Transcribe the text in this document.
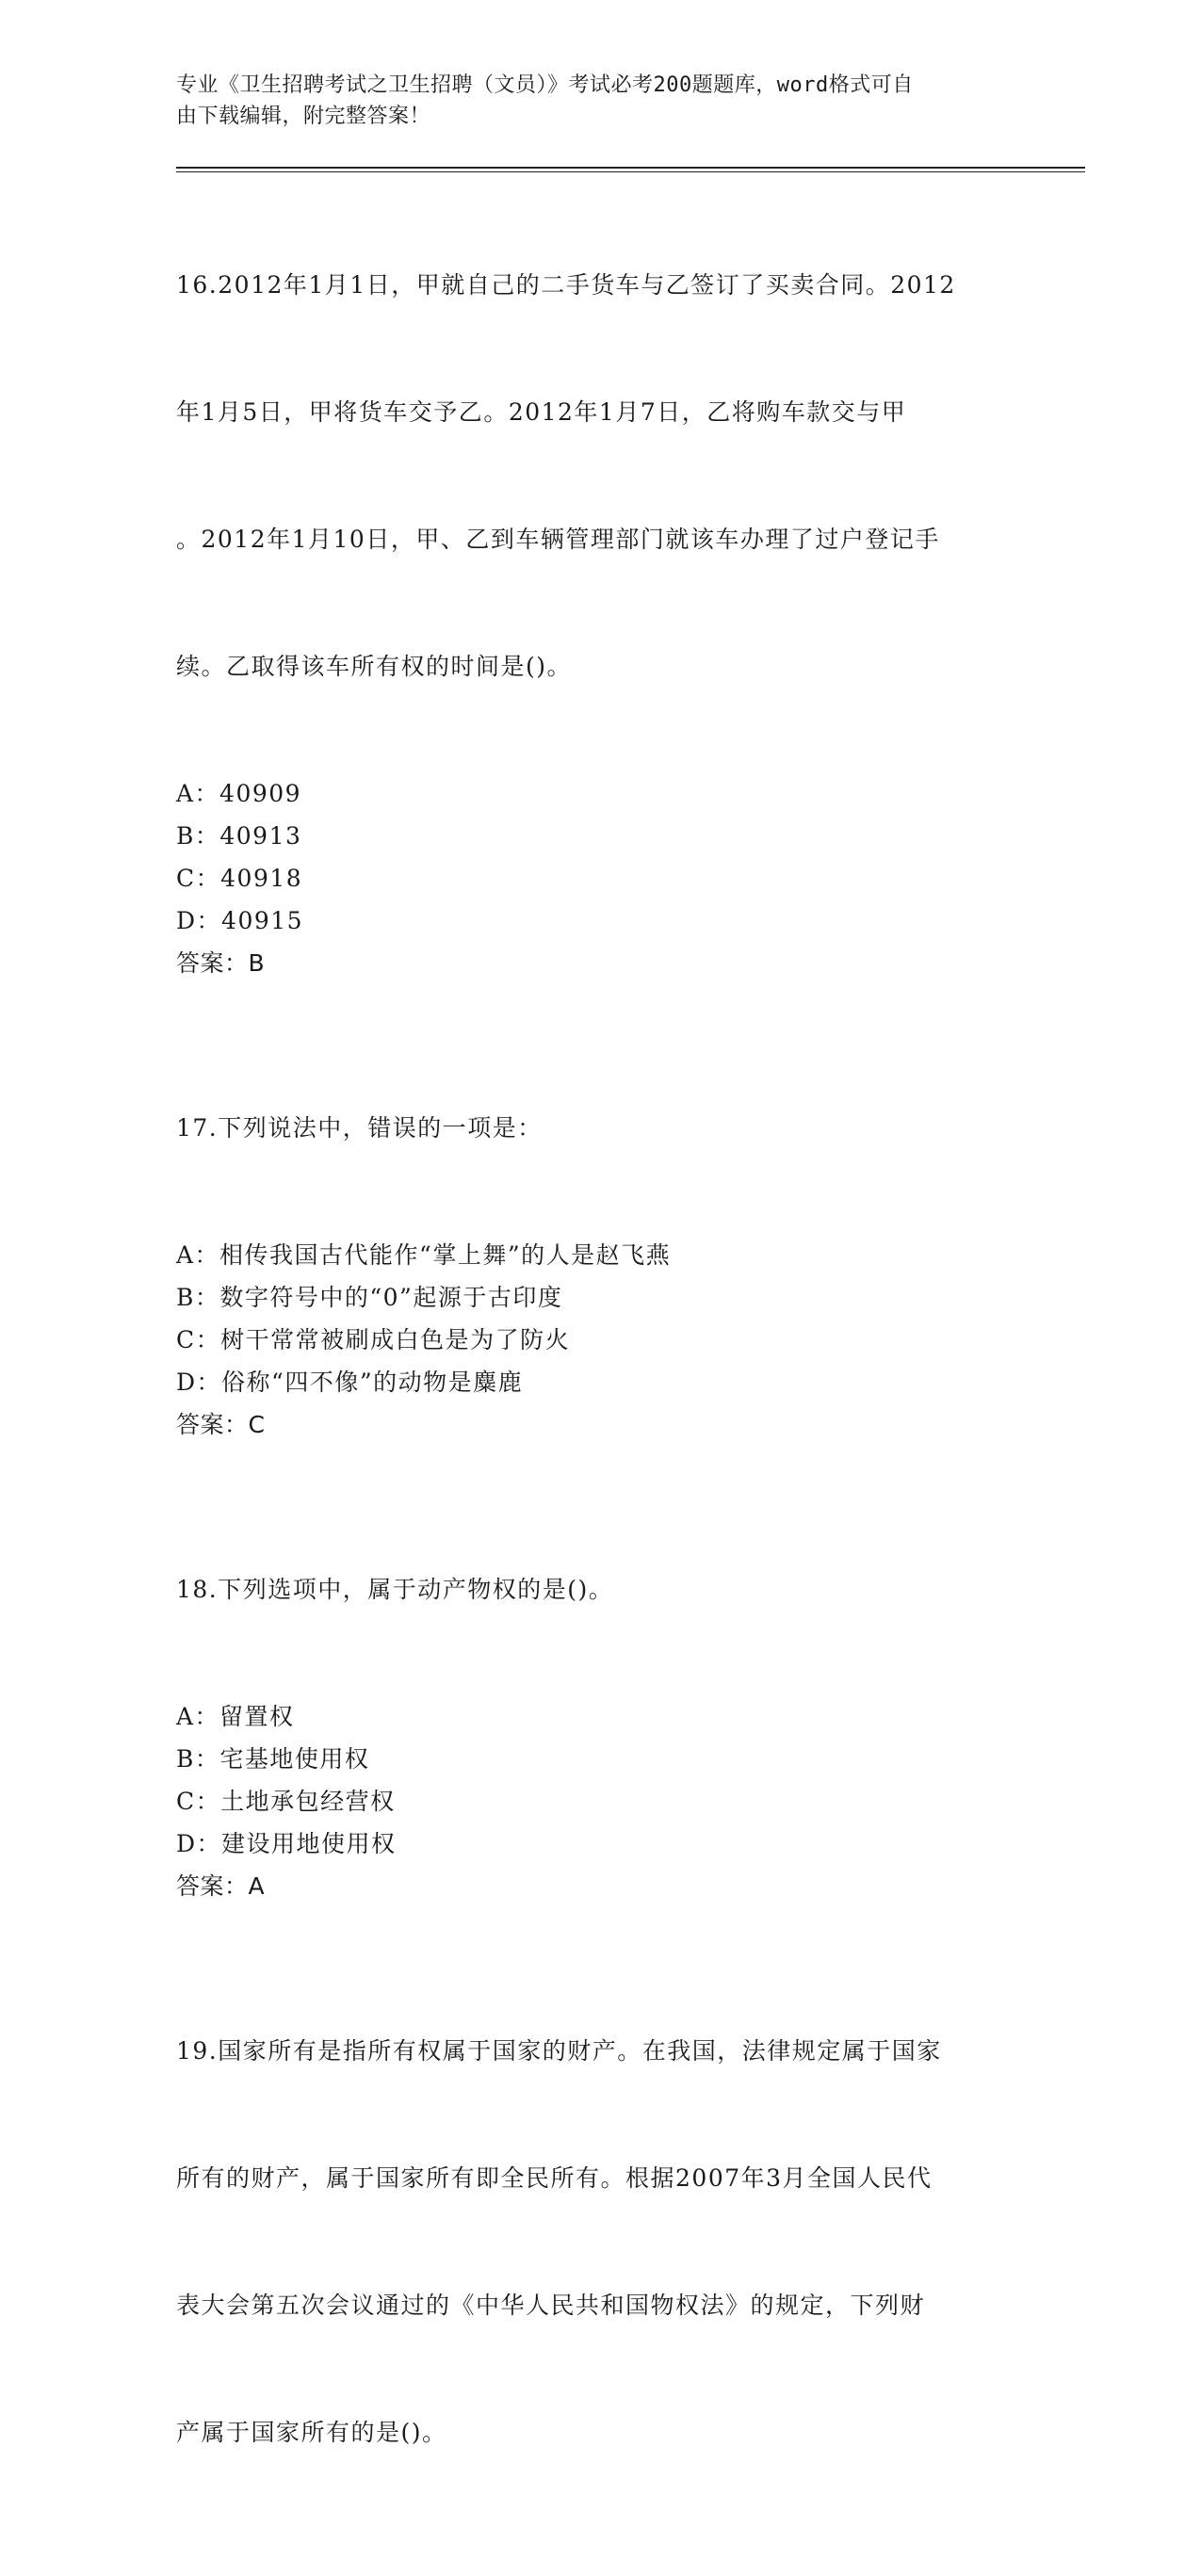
专业《卫生招聘考试之卫生招聘（文员）》考试必考200题题库，word格式可自
由下载编辑，附完整答案！

16.2012年1月1日，甲就自己的二手货车与乙签订了买卖合同。2012

年1月5日，甲将货车交予乙。2012年1月7日，乙将购车款交与甲

。2012年1月10日，甲、乙到车辆管理部门就该车办理了过户登记手

续。乙取得该车所有权的时间是()。

A：40909
B：40913
C：40918
D：40915
答案：B

17.下列说法中，错误的一项是：

A：相传我国古代能作“掌上舞”的人是赵飞燕
B：数字符号中的“0”起源于古印度
C：树干常常被刷成白色是为了防火
D：俗称“四不像”的动物是麋鹿
答案：C

18.下列选项中，属于动产物权的是()。

A：留置权
B：宅基地使用权
C：土地承包经营权
D：建设用地使用权
答案：A

19.国家所有是指所有权属于国家的财产。在我国，法律规定属于国家

所有的财产，属于国家所有即全民所有。根据2007年3月全国人民代

表大会第五次会议通过的《中华人民共和国物权法》的规定，下列财

产属于国家所有的是()。
